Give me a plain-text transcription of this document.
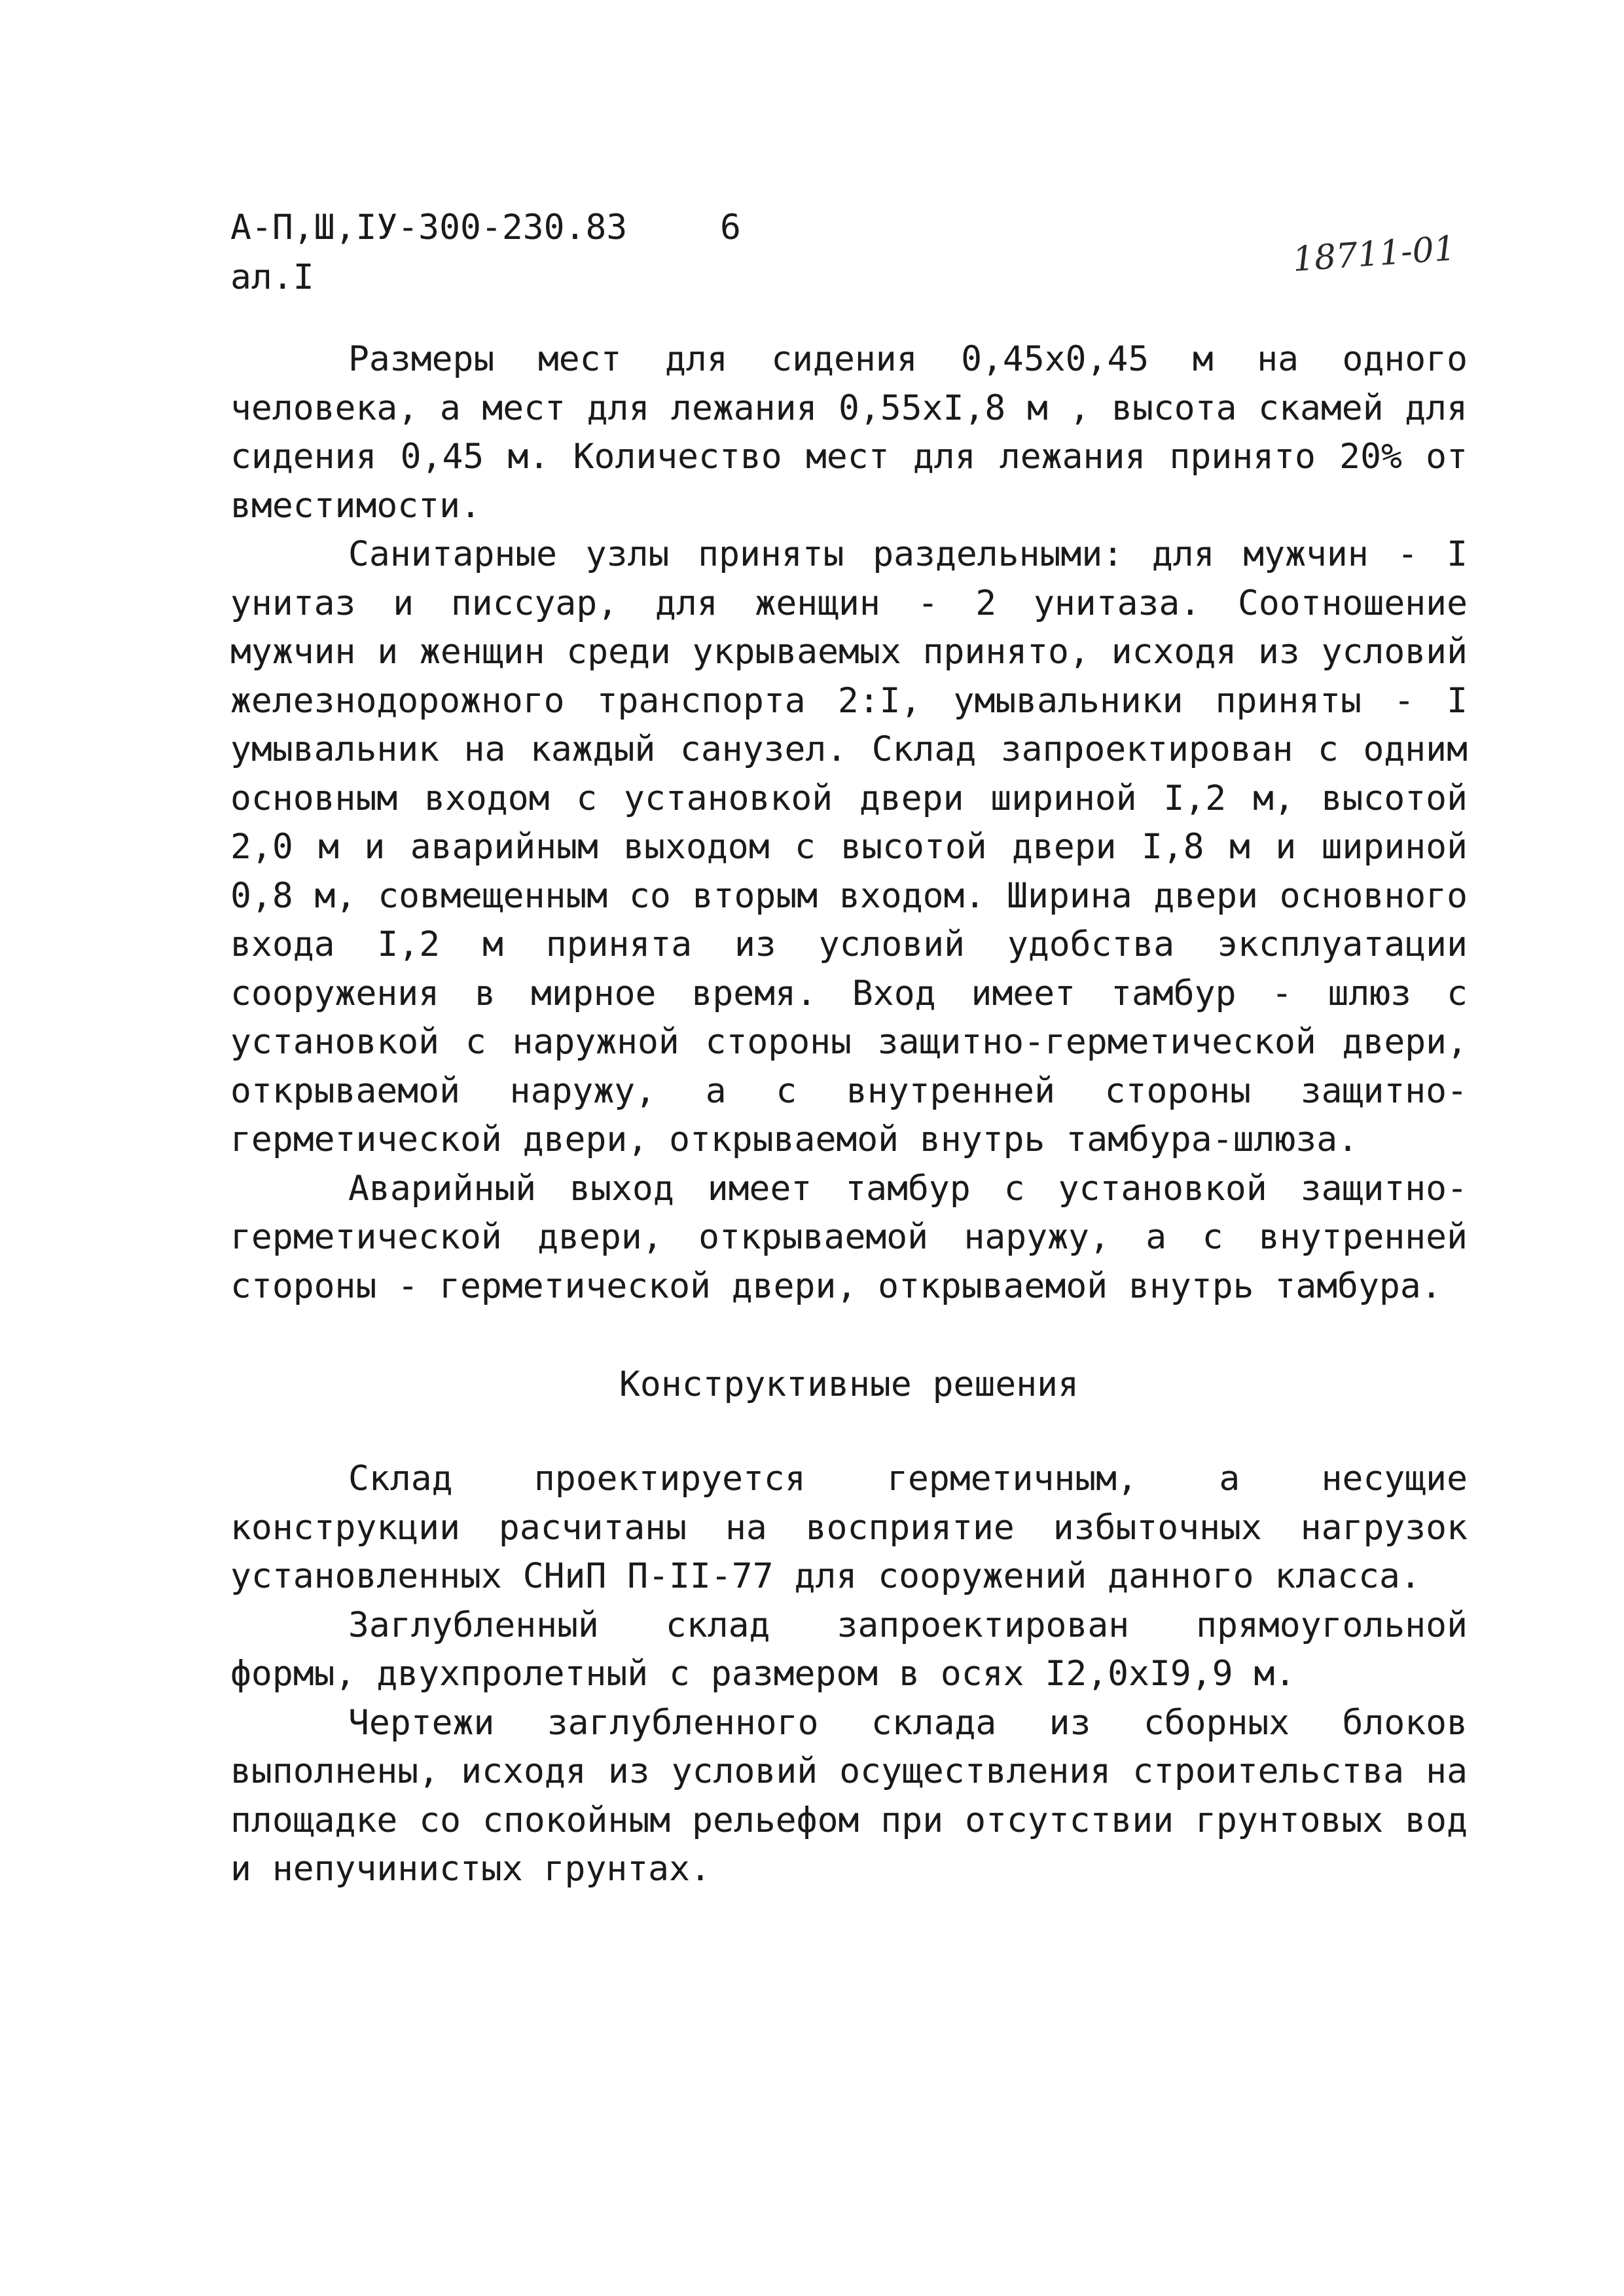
А-П,Ш,IУ-300-230.83	6
ал.I	18711-01

Размеры мест для сидения 0,45х0,45 м на одного человека, а мест для лежания 0,55хI,8 м , высота скамей для сидения 0,45 м. Количество мест для лежания принято 20% от вместимости.

Санитарные узлы приняты раздельными: для мужчин - I унитаз и писсуар, для женщин - 2 унитаза. Соотношение мужчин и женщин среди укрываемых принято, исходя из условий железнодорожного транспорта 2:I, умывальники приняты - I умывальник на каждый санузел. Склад запроектирован с одним основным входом с установкой двери шириной I,2 м, высотой 2,0 м и аварийным выходом с высотой двери I,8 м и шириной 0,8 м, совмещенным со вторым входом. Ширина двери основного входа I,2 м принята из условий удобства эксплуатации сооружения в мирное время. Вход имеет тамбур - шлюз с установкой с наружной стороны защитно-герметической двери, открываемой наружу, а с внутренней стороны защитно-герметической двери, открываемой внутрь тамбура-шлюза.

Аварийный выход имеет тамбур с установкой защитно-герметической двери, открываемой наружу, а с внутренней стороны - герметической двери, открываемой внутрь тамбура.

Конструктивные решения

Склад проектируется герметичным, а несущие конструкции расчитаны на восприятие избыточных нагрузок установленных СНиП П-II-77 для сооружений данного класса.

Заглубленный склад запроектирован прямоугольной формы, двухпролетный с размером в осях I2,0хI9,9 м.

Чертежи заглубленного склада из сборных блоков выполнены, исходя из условий осуществления строительства на площадке со спокойным рельефом при отсутствии грунтовых вод и непучинистых грунтах.
